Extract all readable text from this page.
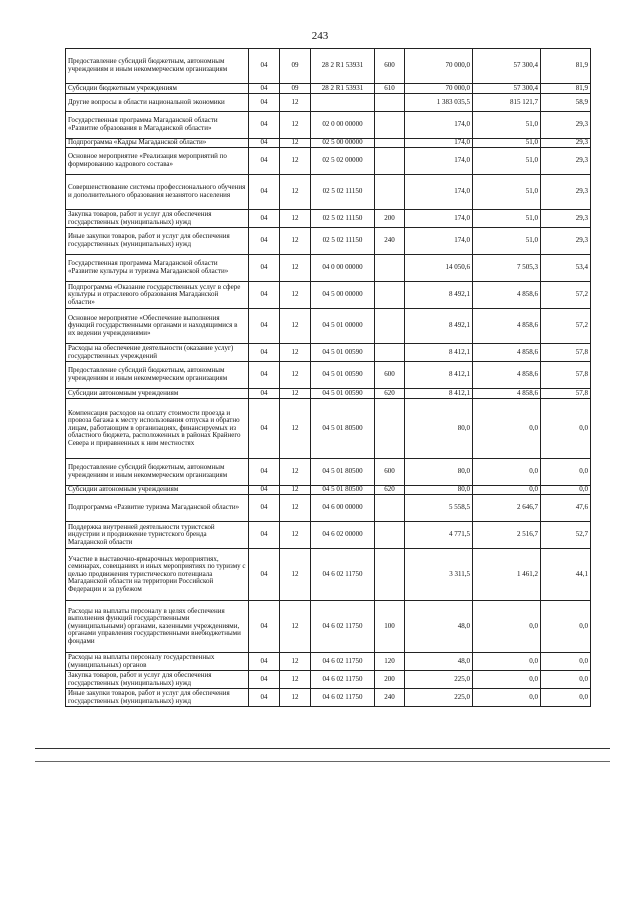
243
Предоставление субсидий бюджетным, автономным учреждениям и иным некоммерческим организациям	04	09	28 2 R1 53931	600	70 000,0	57 300,4	81,9
Субсидии бюджетным учреждениям	04	09	28 2 R1 53931	610	70 000,0	57 300,4	81,9
Другие вопросы в области национальной экономики	04	12			1 383 035,5	815 121,7	58,9
Государственная программа Магаданской области «Развитие образования в Магаданской области»	04	12	02 0 00 00000		174,0	51,0	29,3
Подпрограмма «Кадры Магаданской области»	04	12	02 5 00 00000		174,0	51,0	29,3
Основное мероприятие «Реализация мероприятий по формированию кадрового состава»	04	12	02 5 02 00000		174,0	51,0	29,3
Совершенствование системы профессионального обучения и дополнительного образования незанятого населения	04	12	02 5 02 11150		174,0	51,0	29,3
Закупка товаров, работ и услуг для обеспечения государственных (муниципальных) нужд	04	12	02 5 02 11150	200	174,0	51,0	29,3
Иные закупки товаров, работ и услуг для обеспечения государственных (муниципальных) нужд	04	12	02 5 02 11150	240	174,0	51,0	29,3
Государственная программа Магаданской области «Развитие культуры и туризма Магаданской области»	04	12	04 0 00 00000		14 050,6	7 505,3	53,4
Подпрограмма «Оказание государственных услуг в сфере культуры и отраслевого образования Магаданской области»	04	12	04 5 00 00000		8 492,1	4 858,6	57,2
Основное мероприятие «Обеспечение выполнения функций государственными органами и находящимися в их ведении учреждениями»	04	12	04 5 01 00000		8 492,1	4 858,6	57,2
Расходы на обеспечение деятельности (оказание услуг) государственных учреждений	04	12	04 5 01 00590		8 412,1	4 858,6	57,8
Предоставление субсидий бюджетным, автономным учреждениям и иным некоммерческим организациям	04	12	04 5 01 00590	600	8 412,1	4 858,6	57,8
Субсидии автономным учреждениям	04	12	04 5 01 00590	620	8 412,1	4 858,6	57,8
Компенсация расходов на оплату стоимости проезда и провоза багажа к месту использования отпуска и обратно лицам, работающим в организациях, финансируемых из областного бюджета, расположенных в районах Крайнего Севера и приравненных к ним местностях	04	12	04 5 01 80500		80,0	0,0	0,0
Предоставление субсидий бюджетным, автономным учреждениям и иным некоммерческим организациям	04	12	04 5 01 80500	600	80,0	0,0	0,0
Субсидии автономным учреждениям	04	12	04 5 01 80500	620	80,0	0,0	0,0
Подпрограмма «Развитие туризма Магаданской области»	04	12	04 6 00 00000		5 558,5	2 646,7	47,6
Поддержка внутренней деятельности туристской индустрии и продвижение туристского бренда Магаданской области	04	12	04 6 02 00000		4 771,5	2 516,7	52,7
Участие в выставочно-ярмарочных мероприятиях, семинарах, совещаниях и иных мероприятиях по туризму с целью продвижения туристического потенциала Магаданской области на территории Российской Федерации и за рубежом	04	12	04 6 02 11750		3 311,5	1 461,2	44,1
Расходы на выплаты персоналу в целях обеспечения выполнения функций государственными (муниципальными) органами, казенными учреждениями, органами управления государственными внебюджетными фондами	04	12	04 6 02 11750	100	48,0	0,0	0,0
Расходы на выплаты персоналу государственных (муниципальных) органов	04	12	04 6 02 11750	120	48,0	0,0	0,0
Закупка товаров, работ и услуг для обеспечения государственных (муниципальных) нужд	04	12	04 6 02 11750	200	225,0	0,0	0,0
Иные закупки товаров, работ и услуг для обеспечения государственных (муниципальных) нужд	04	12	04 6 02 11750	240	225,0	0,0	0,0
